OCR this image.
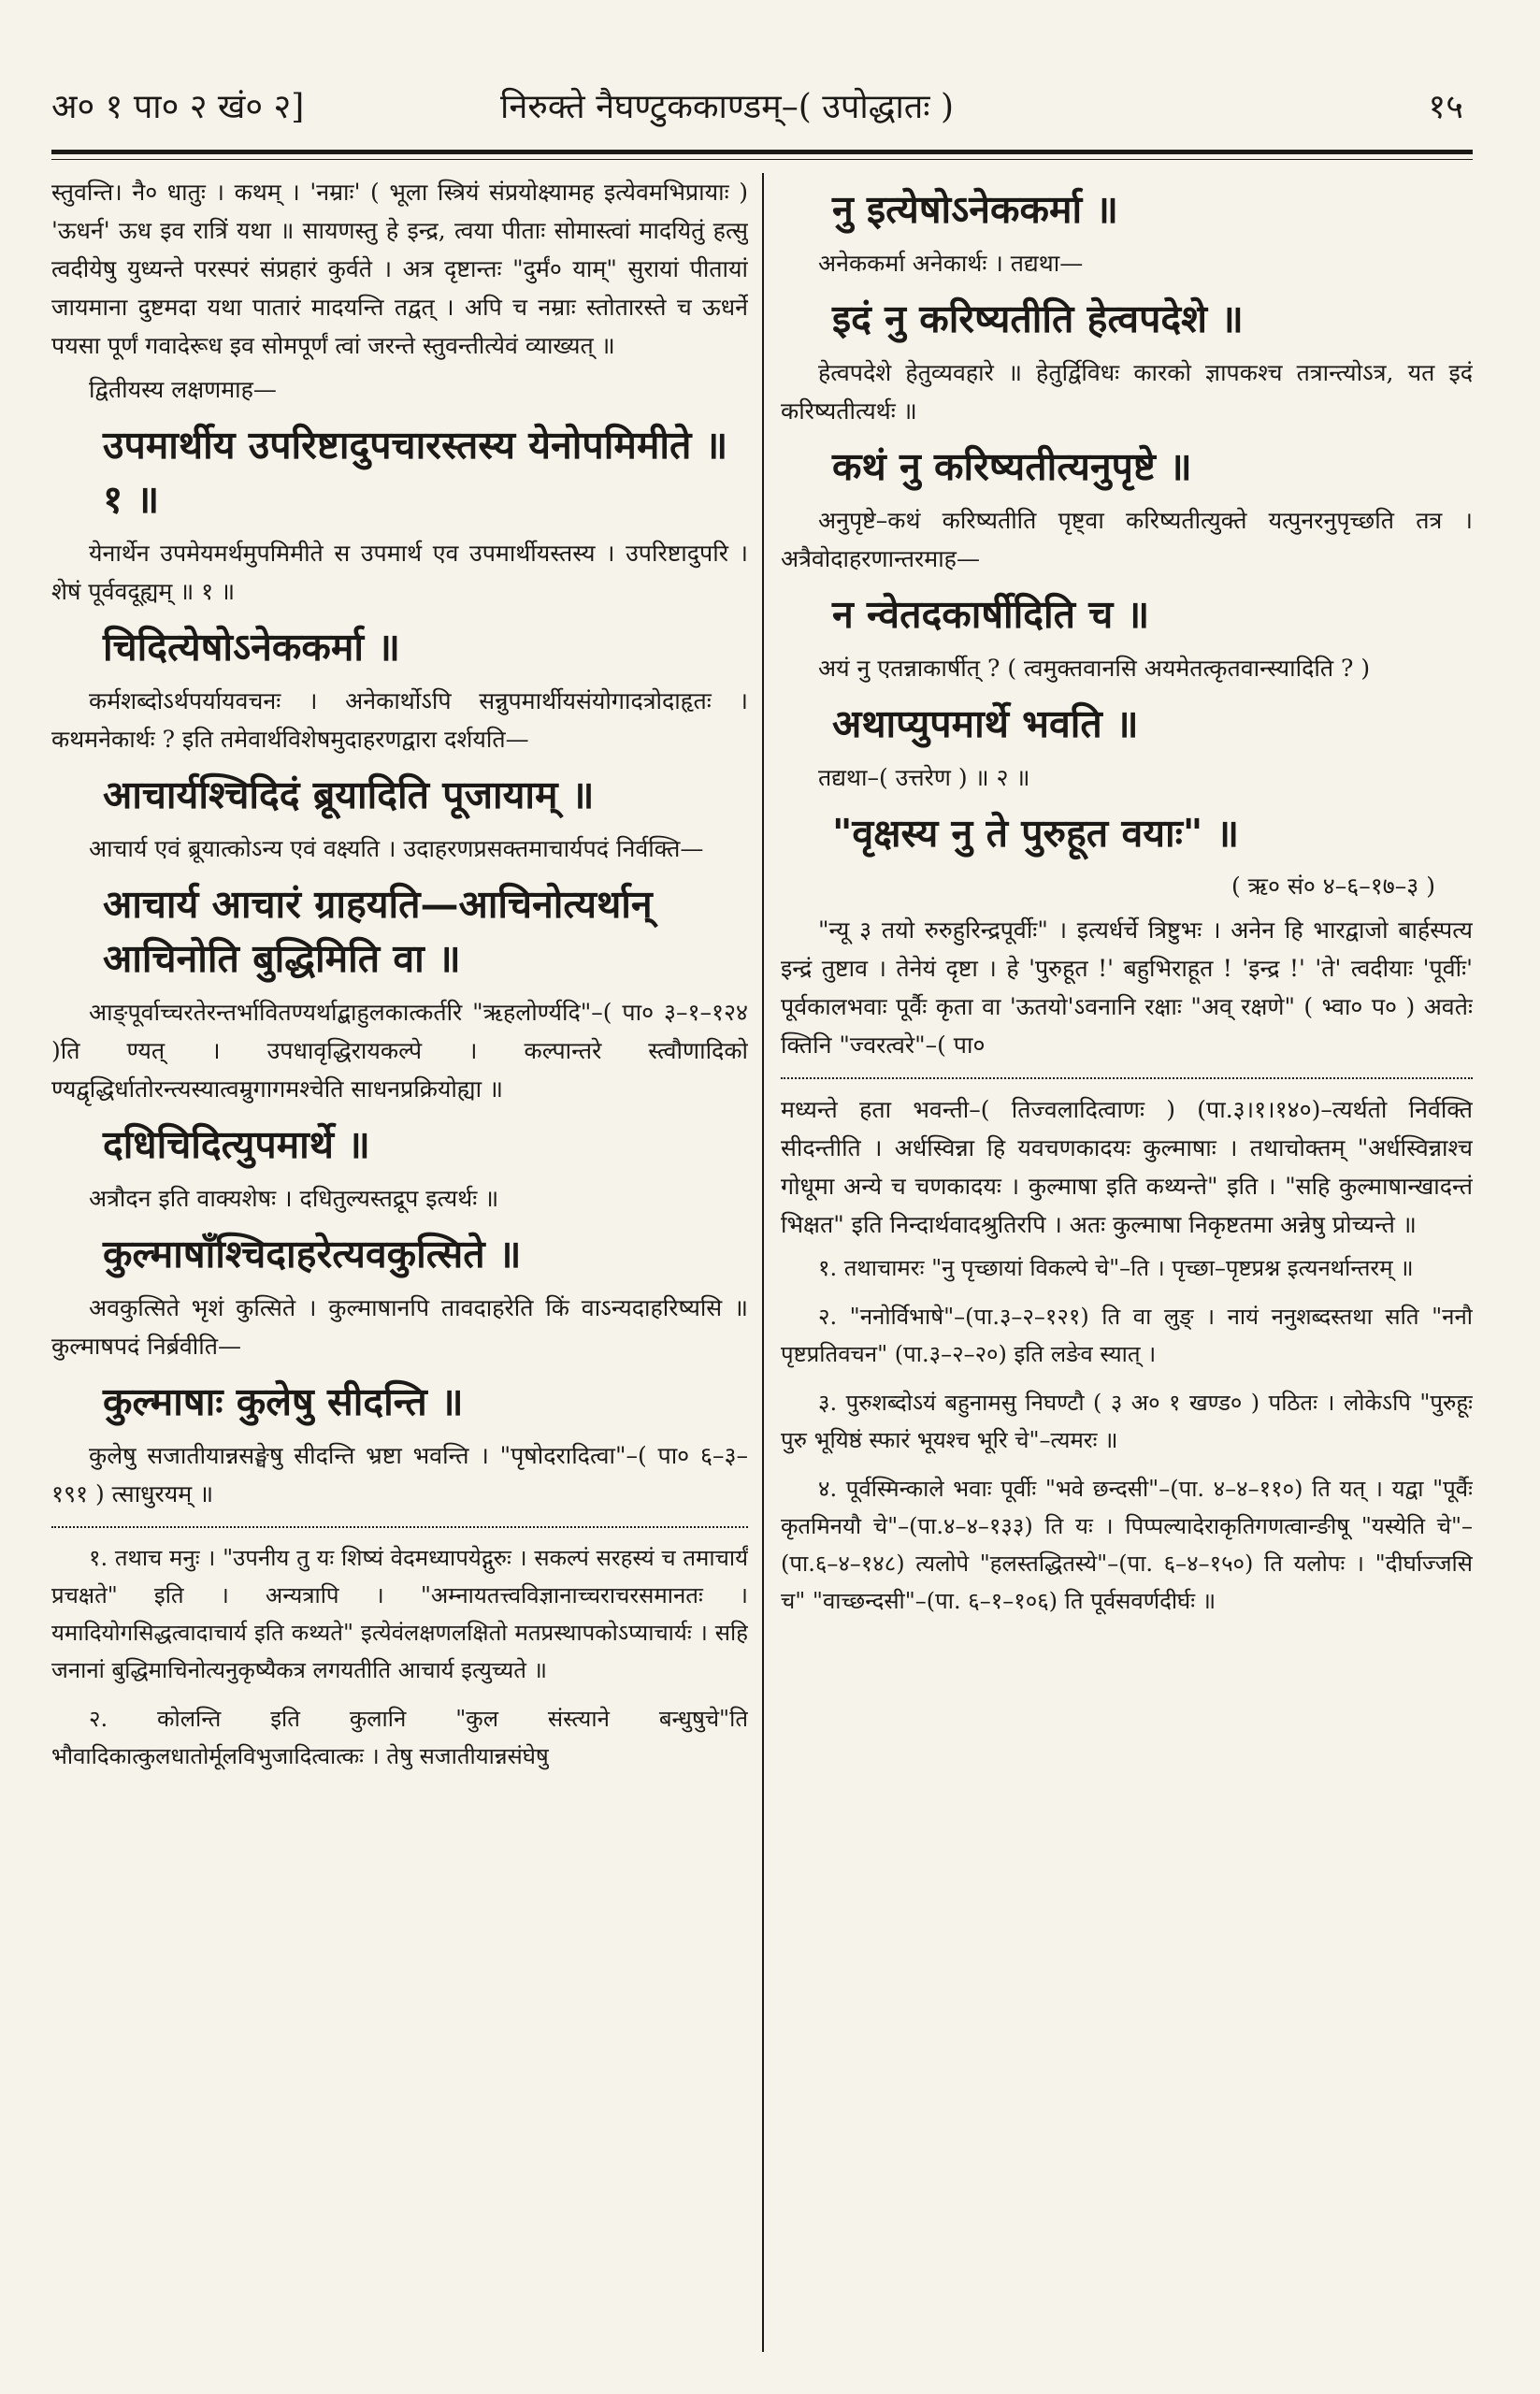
अ० १ पा० २ खं० २]	निरुक्ते नैघण्टुककाण्डम्–( उपोद्धातः )	१५

स्तुवन्ति। नै० धातुः । कथम् । 'नम्राः' ( भूला स्त्रियं संप्रयोक्ष्यामह इत्येवमभिप्रायाः ) 'ऊधर्न' ऊध इव रात्रिं यथा ॥ सायणस्तु हे इन्द्र, त्वया पीताः सोमास्त्वां मादयितुं हत्सु त्वदीयेषु युध्यन्ते परस्परं संप्रहारं कुर्वते । अत्र दृष्टान्तः "दुर्मं० याम्" सुरायां पीतायां जायमाना दुष्टमदा यथा पातारं मादयन्ति तद्वत् । अपि च नम्राः स्तोतारस्ते च ऊधर्ने पयसा पूर्णं गवादेरूध इव सोमपूर्णं त्वां जरन्ते स्तुवन्तीत्येवं व्याख्यत् ॥

द्वितीयस्य लक्षणमाह—

उपमार्थीय उपरिष्टादुपचारस्तस्य येनोपमिमीते ॥ १ ॥

येनार्थेन उपमेयमर्थमुपमिमीते स उपमार्थ एव उपमार्थीयस्तस्य । उपरिष्टादुपरि । शेषं पूर्ववदूह्यम् ॥ १ ॥

चिदित्येषोऽनेककर्मा ॥

कर्मशब्दोऽर्थपर्यायवचनः । अनेकार्थोऽपि सन्नुपमार्थीयसंयोगादत्रोदाहृतः । कथमनेकार्थः ? इति तमेवार्थविशेषमुदाहरणद्वारा दर्शयति—

आचार्यश्चिदिदं ब्रूयादिति पूजायाम् ॥

आचार्य एवं ब्रूयात्कोऽन्य एवं वक्ष्यति । उदाहरणप्रसक्तमाचार्यपदं निर्वक्ति—

आचार्य आचारं ग्राहयति—आचिनोत्यर्थान् आचिनोति बुद्धिमिति वा ॥

आङ्पूर्वाच्चरतेरन्तर्भावितण्यर्थाद्बाहुलकात्कर्तरि "ऋहलोर्ण्यदि"–( पा० ३–१–१२४ )ति ण्यत् । उपधावृद्धिरायकल्पे । कल्पान्तरे स्त्वौणादिको ण्यद्वृद्धिर्धातोरन्त्यस्यात्वम्रुगागमश्चेति साधनप्रक्रियोह्या ॥

दधिचिदित्युपमार्थे ॥

अत्रौदन इति वाक्यशेषः । दधितुल्यस्तद्रूप इत्यर्थः ॥

कुल्माषाँश्चिदाहरेत्यवकुत्सिते ॥

अवकुत्सिते भृशं कुत्सिते । कुल्माषानपि तावदाहरेति किं वाऽन्यदाहरिष्यसि ॥ कुल्माषपदं निर्ब्रवीति—

कुल्माषाः कुलेषु सीदन्ति ॥

कुलेषु सजातीयान्नसङ्घेषु सीदन्ति भ्रष्टा भवन्ति । "पृषोदरादित्वा"–( पा० ६–३–१९१ ) त्साधुरयम् ॥

१. तथाच मनुः । "उपनीय तु यः शिष्यं वेदमध्यापयेद्गुरुः । सकल्पं सरहस्यं च तमाचार्यं प्रचक्षते" इति । अन्यत्रापि । "अम्नायतत्त्वविज्ञानाच्चराचरसमानतः । यमादियोगसिद्धत्वादाचार्य इति कथ्यते" इत्येवंलक्षणलक्षितो मतप्रस्थापकोऽप्याचार्यः । सहि जनानां बुद्धिमाचिनोत्यनुकृष्यैकत्र लगयतीति आचार्य इत्युच्यते ॥

२. कोलन्ति इति कुलानि "कुल संस्त्याने बन्धुषुचे"ति भौवादिकात्कुलधातोर्मूलविभुजादित्वात्कः । तेषु सजातीयान्नसंघेषु

नु इत्येषोऽनेककर्मा ॥

अनेककर्मा अनेकार्थः । तद्यथा—

इदं नु करिष्यतीति हेत्वपदेशे ॥

हेत्वपदेशे हेतुव्यवहारे ॥ हेतुर्द्विविधः कारको ज्ञापकश्च तत्रान्त्योऽत्र, यत इदं करिष्यतीत्यर्थः ॥

कथं नु करिष्यतीत्यनुपृष्टे ॥

अनुपृष्टे–कथं करिष्यतीति पृष्ट्वा करिष्यतीत्युक्ते यत्पुनरनुपृच्छति तत्र । अत्रैवोदाहरणान्तरमाह—

न न्वेतदकार्षीदिति च ॥

अयं नु एतन्नाकार्षीत् ? ( त्वमुक्तवानसि अयमेतत्कृतवान्स्यादिति ? )

अथाप्युपमार्थे भवति ॥

तद्यथा–( उत्तरेण ) ॥ २ ॥

"वृक्षस्य नु ते पुरुहूत वयाः" ॥

( ऋ० सं० ४–६–१७–३ )

"न्यू ३ तयो रुरुहुरिन्द्रपूर्वीः" । इत्यर्धर्चे त्रिष्टुभः । अनेन हि भारद्वाजो बार्हस्पत्य इन्द्रं तुष्टाव । तेनेयं दृष्टा । हे 'पुरुहूत !' बहुभिराहूत ! 'इन्द्र !' 'ते' त्वदीयाः 'पूर्वीः' पूर्वकालभवाः पूर्वैः कृता वा 'ऊतयो'ऽवनानि रक्षाः "अव् रक्षणे" ( भ्वा० प० ) अवतेः क्तिनि "ज्वरत्वरे"–( पा०

मध्यन्ते हता भवन्ती–( तिज्वलादित्वाणः ) (पा.३।१।१४०)–त्यर्थतो निर्वक्ति सीदन्तीति । अर्धस्विन्ना हि यवचणकादयः कुल्माषाः । तथाचोक्तम् "अर्धस्विन्नाश्च गोधूमा अन्ये च चणकादयः । कुल्माषा इति कथ्यन्ते" इति । "सहि कुल्माषान्खादन्तं भिक्षत" इति निन्दार्थवादश्रुतिरपि । अतः कुल्माषा निकृष्टतमा अन्नेषु प्रोच्यन्ते ॥

१. तथाचामरः "नु पृच्छायां विकल्पे चे"–ति । पृच्छा–पृष्टप्रश्न इत्यनर्थान्तरम् ॥

२. "ननोर्विभाषे"–(पा.३–२–१२१) ति वा लुङ् । नायं ननुशब्दस्तथा सति "ननौ पृष्टप्रतिवचन" (पा.३–२–२०) इति लङेव स्यात् ।

३. पुरुशब्दोऽयं बहुनामसु निघण्टौ ( ३ अ० १ खण्ड० ) पठितः । लोकेऽपि "पुरुहूः पुरु भूयिष्ठं स्फारं भूयश्च भूरि चे"–त्यमरः ॥

४. पूर्वस्मिन्काले भवाः पूर्वीः "भवे छन्दसी"–(पा. ४–४–११०) ति यत् । यद्वा "पूर्वैः कृतमिनयौ चे"–(पा.४–४–१३३) ति यः । पिप्पल्यादेराकृतिगणत्वान्ङीषू "यस्येति चे"–(पा.६–४–१४८) त्यलोपे "हलस्तद्धितस्ये"–(पा. ६–४–१५०) ति यलोपः । "दीर्घाज्जसि च" "वाच्छन्दसी"–(पा. ६–१–१०६) ति पूर्वसवर्णदीर्घः ॥
